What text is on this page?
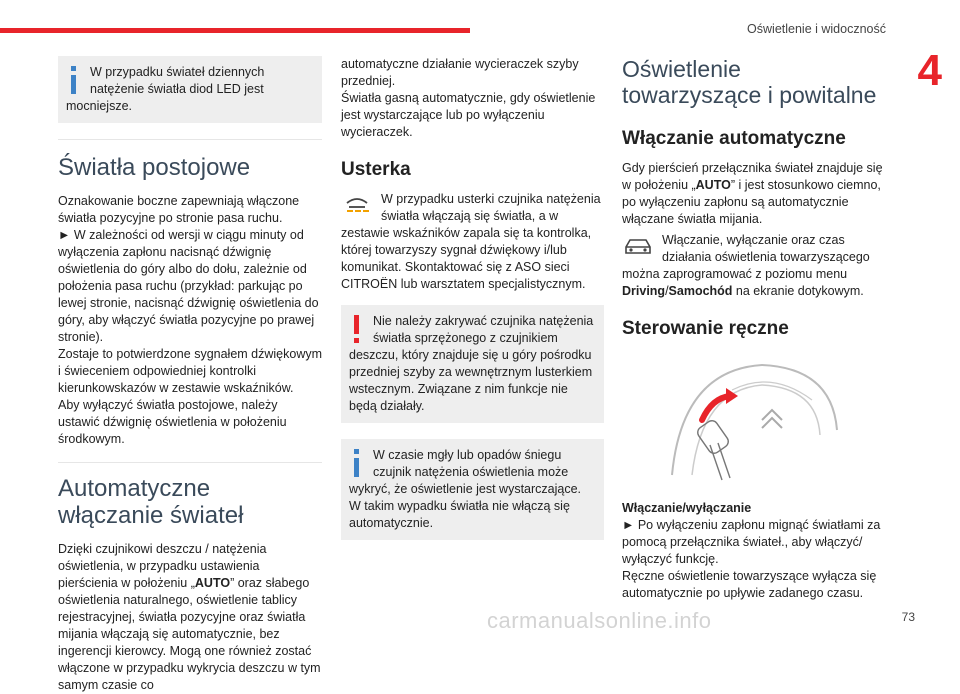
Oświetlenie i widoczność
4
W przypadku świateł dziennych natężenie światła diod LED jest mocniejsze.
Światła postojowe

Oznakowanie boczne zapewniają włączone światła pozycyjne po stronie pasa ruchu.

► W zależności od wersji w ciągu minuty od wyłączenia zapłonu nacisnąć dźwignię oświetlenia do góry albo do dołu, zależnie od położenia pasa ruchu (przykład: parkując po lewej stronie, nacisnąć dźwignię oświetlenia do góry, aby włączyć światła pozycyjne po prawej stronie).

Zostaje to potwierdzone sygnałem dźwiękowym i świeceniem odpowiedniej kontrolki kierunkowskazów w zestawie wskaźników.

Aby wyłączyć światła postojowe, należy ustawić dźwignię oświetlenia w położeniu środkowym.

Automatyczne włączanie świateł

Dzięki czujnikowi deszczu / natężenia oświetlenia, w przypadku ustawienia pierścienia w położeniu „AUTO” oraz słabego oświetlenia naturalnego, oświetlenie tablicy rejestracyjnej, światła pozycyjne oraz światła mijania włączają się automatycznie, bez ingerencji kierowcy. Mogą one również zostać włączone w przypadku wykrycia deszczu w tym samym czasie co

automatyczne działanie wycieraczek szyby przedniej.

Światła gasną automatycznie, gdy oświetlenie jest wystarczające lub po wyłączeniu wycieraczek.

Usterka

W przypadku usterki czujnika natężenia światła włączają się światła, a w zestawie wskaźników zapala się ta kontrolka, której towarzyszy sygnał dźwiękowy i/lub komunikat. Skontaktować się z ASO sieci CITROËN lub warsztatem specjalistycznym.

Nie należy zakrywać czujnika natężenia światła sprzężonego z czujnikiem deszczu, który znajduje się u góry pośrodku przedniej szyby za wewnętrznym lusterkiem wstecznym. Związane z nim funkcje nie będą działały.
W czasie mgły lub opadów śniegu czujnik natężenia oświetlenia może wykryć, że oświetlenie jest wystarczające. W takim wypadku światła nie włączą się automatycznie.
Oświetlenie towarzyszące i powitalne
Włączanie automatyczne

Gdy pierścień przełącznika świateł znajduje się w położeniu „AUTO” i jest stosunkowo ciemno, po wyłączeniu zapłonu są automatycznie włączane światła mijania.

Włączanie, wyłączanie oraz czas działania oświetlenia towarzyszącego można zaprogramować z poziomu menu Driving/Samochód na ekranie dotykowym.

Sterowanie ręczne

Włączanie/wyłączanie

► Po wyłączeniu zapłonu mignąć światłami za pomocą przełącznika świateł., aby włączyć/ wyłączyć funkcję.

Ręczne oświetlenie towarzyszące wyłącza się automatycznie po upływie zadanego czasu.

carmanualsonline.info	73
